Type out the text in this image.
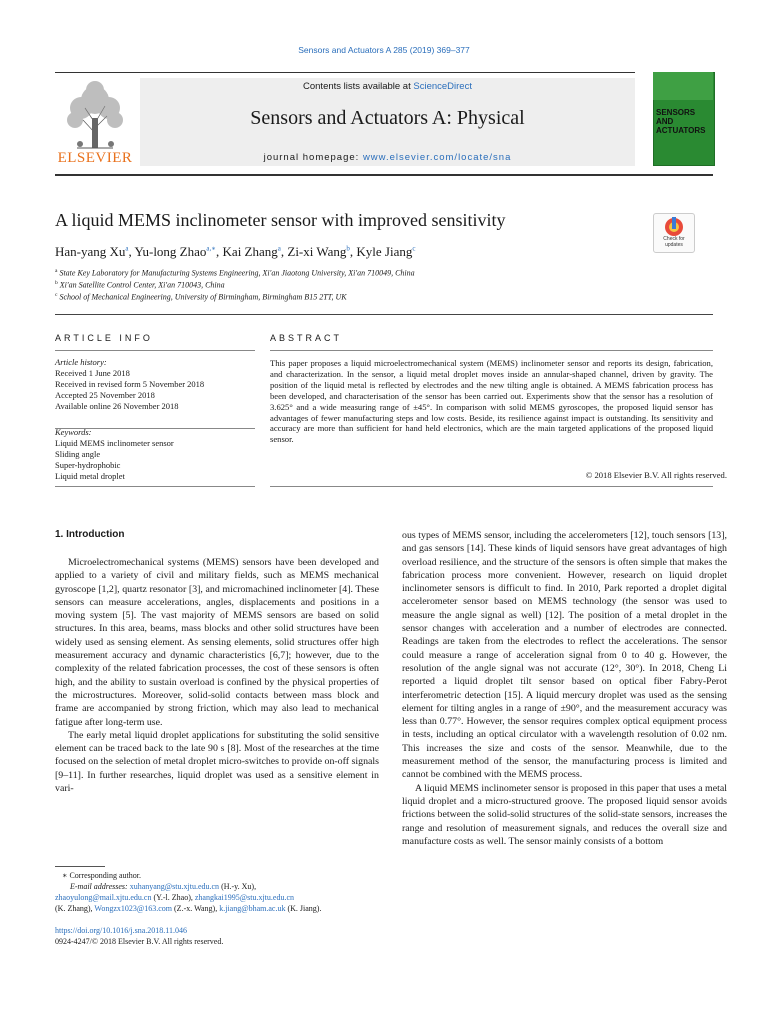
Sensors and Actuators A 285 (2019) 369–377
ELSEVIER
Contents lists available at ScienceDirect
Sensors and Actuators A: Physical
journal homepage: www.elsevier.com/locate/sna
SENSORS AND ACTUATORS
A liquid MEMS inclinometer sensor with improved sensitivity
Check for updates
Han-yang Xu$^a$, Yu-long Zhao$^{a,∗}$, Kai Zhang$^a$, Zi-xi Wang$^b$, Kyle Jiang$^c$
$^a$ State Key Laboratory for Manufacturing Systems Engineering, Xi'an Jiaotong University, Xi'an 710049, China
$^b$ Xi'an Satellite Control Center, Xi'an 710043, China
$^c$ School of Mechanical Engineering, University of Birmingham, Birmingham B15 2TT, UK
ARTICLE INFO	ABSTRACT
Article history:
Received 1 June 2018
Received in revised form 5 November 2018
Accepted 25 November 2018
Available online 26 November 2018
Keywords:
Liquid MEMS inclinometer sensor
Sliding angle
Super-hydrophobic
Liquid metal droplet
This paper proposes a liquid microelectromechanical system (MEMS) inclinometer sensor and reports its design, fabrication, and characterization. In the sensor, a liquid metal droplet moves inside an annular-shaped channel, driven by gravity. The position of the liquid metal is reflected by electrodes and the new tilting angle is obtained. A MEMS fabrication process has been developed, and characterisation of the sensor has been carried out. Experiments show that the sensor has a resolution of 3.625° and a wide measuring range of ±45°. In comparison with solid MEMS gyroscopes, the proposed liquid sensor has advantages of fewer manufacturing steps and low costs. Beside, its resilience against impact is outstanding. Its sensitivity and accuracy are more than sufficient for hand held electronics, which are the main targeted applications of the proposed liquid sensor.
© 2018 Elsevier B.V. All rights reserved.
1. Introduction

Microelectromechanical systems (MEMS) sensors have been developed and applied to a variety of civil and military fields, such as MEMS mechanical gyroscope [1,2], quartz resonator [3], and micromachined inclinometer [4]. These sensors can measure accelerations, angles, displacements and positions in a moving system [5]. The vast majority of MEMS sensors are based on solid structures. In this area, beams, mass blocks and other solid structures have been widely used as sensing element. As sensing elements, solid structures offer high measurement accuracy and dynamic characteristics [6,7]; however, due to the complexity of the related fabrication processes, the cost of these sensors is often high, and the ability to sustain overload is confined by the physical properties of the microstructures. Moreover, solid-solid contacts between mass block and frame are accompanied by strong friction, which may also lead to mechanical fatigue after long-term use.

The early metal liquid droplet applications for substituting the solid sensitive element can be traced back to the late 90 s [8]. Most of the researches at the time focused on the selection of metal droplet micro-switches to provide on-off signals [9–11]. In further researches, liquid droplet was used as a sensitive element in vari-

ous types of MEMS sensor, including the accelerometers [12], touch sensors [13], and gas sensors [14]. These kinds of liquid sensors have great advantages of high overload resilience, and the structure of the sensors is often simple that makes the fabrication process more convenient. However, research on liquid droplet inclinometer sensors is difficult to find. In 2010, Park reported a droplet digital accelerometer sensor based on MEMS technology (the sensor was used to measure the angle signal as well) [12]. The position of a metal droplet in the sensor changes with acceleration and a number of electrodes are connected. Readings are taken from the electrodes to reflect the accelerations. The sensor could measure a range of acceleration signal from 0 to 40 g. However, the resolution of the angle signal was not accurate (12°, 30°). In 2018, Cheng Li reported a liquid droplet tilt sensor based on optical fiber Fabry-Perot interferometric detection [15]. A liquid mercury droplet was used as the sensing element for tilting angles in a range of ±90°, and the measurement accuracy was less than 0.77°. However, the sensor requires complex optical equipment process in tests, including an optical circulator with a wavelength resolution of 0.02 nm. This increases the size and costs of the sensor. Meanwhile, due to the measurement method of the sensor, the manufacturing process is limited and cannot be combined with the MEMS process.

A liquid MEMS inclinometer sensor is proposed in this paper that uses a metal liquid droplet and a micro-structured groove. The proposed liquid sensor avoids frictions between the solid-solid structures of the solid-state sensors, increases the range and resolution of measurement signals, and reduces the overall size and manufacture costs as well. The sensor mainly consists of a bottom

∗ Corresponding author.
E-mail addresses: xuhanyang@stu.xjtu.edu.cn (H.-y. Xu),
zhaoyulong@mail.xjtu.edu.cn (Y.-l. Zhao), zhangkai1995@stu.xjtu.edu.cn
(K. Zhang), Wongzx1023@163.com (Z.-x. Wang), k.jiang@bham.ac.uk (K. Jiang).
https://doi.org/10.1016/j.sna.2018.11.046
0924-4247/© 2018 Elsevier B.V. All rights reserved.
